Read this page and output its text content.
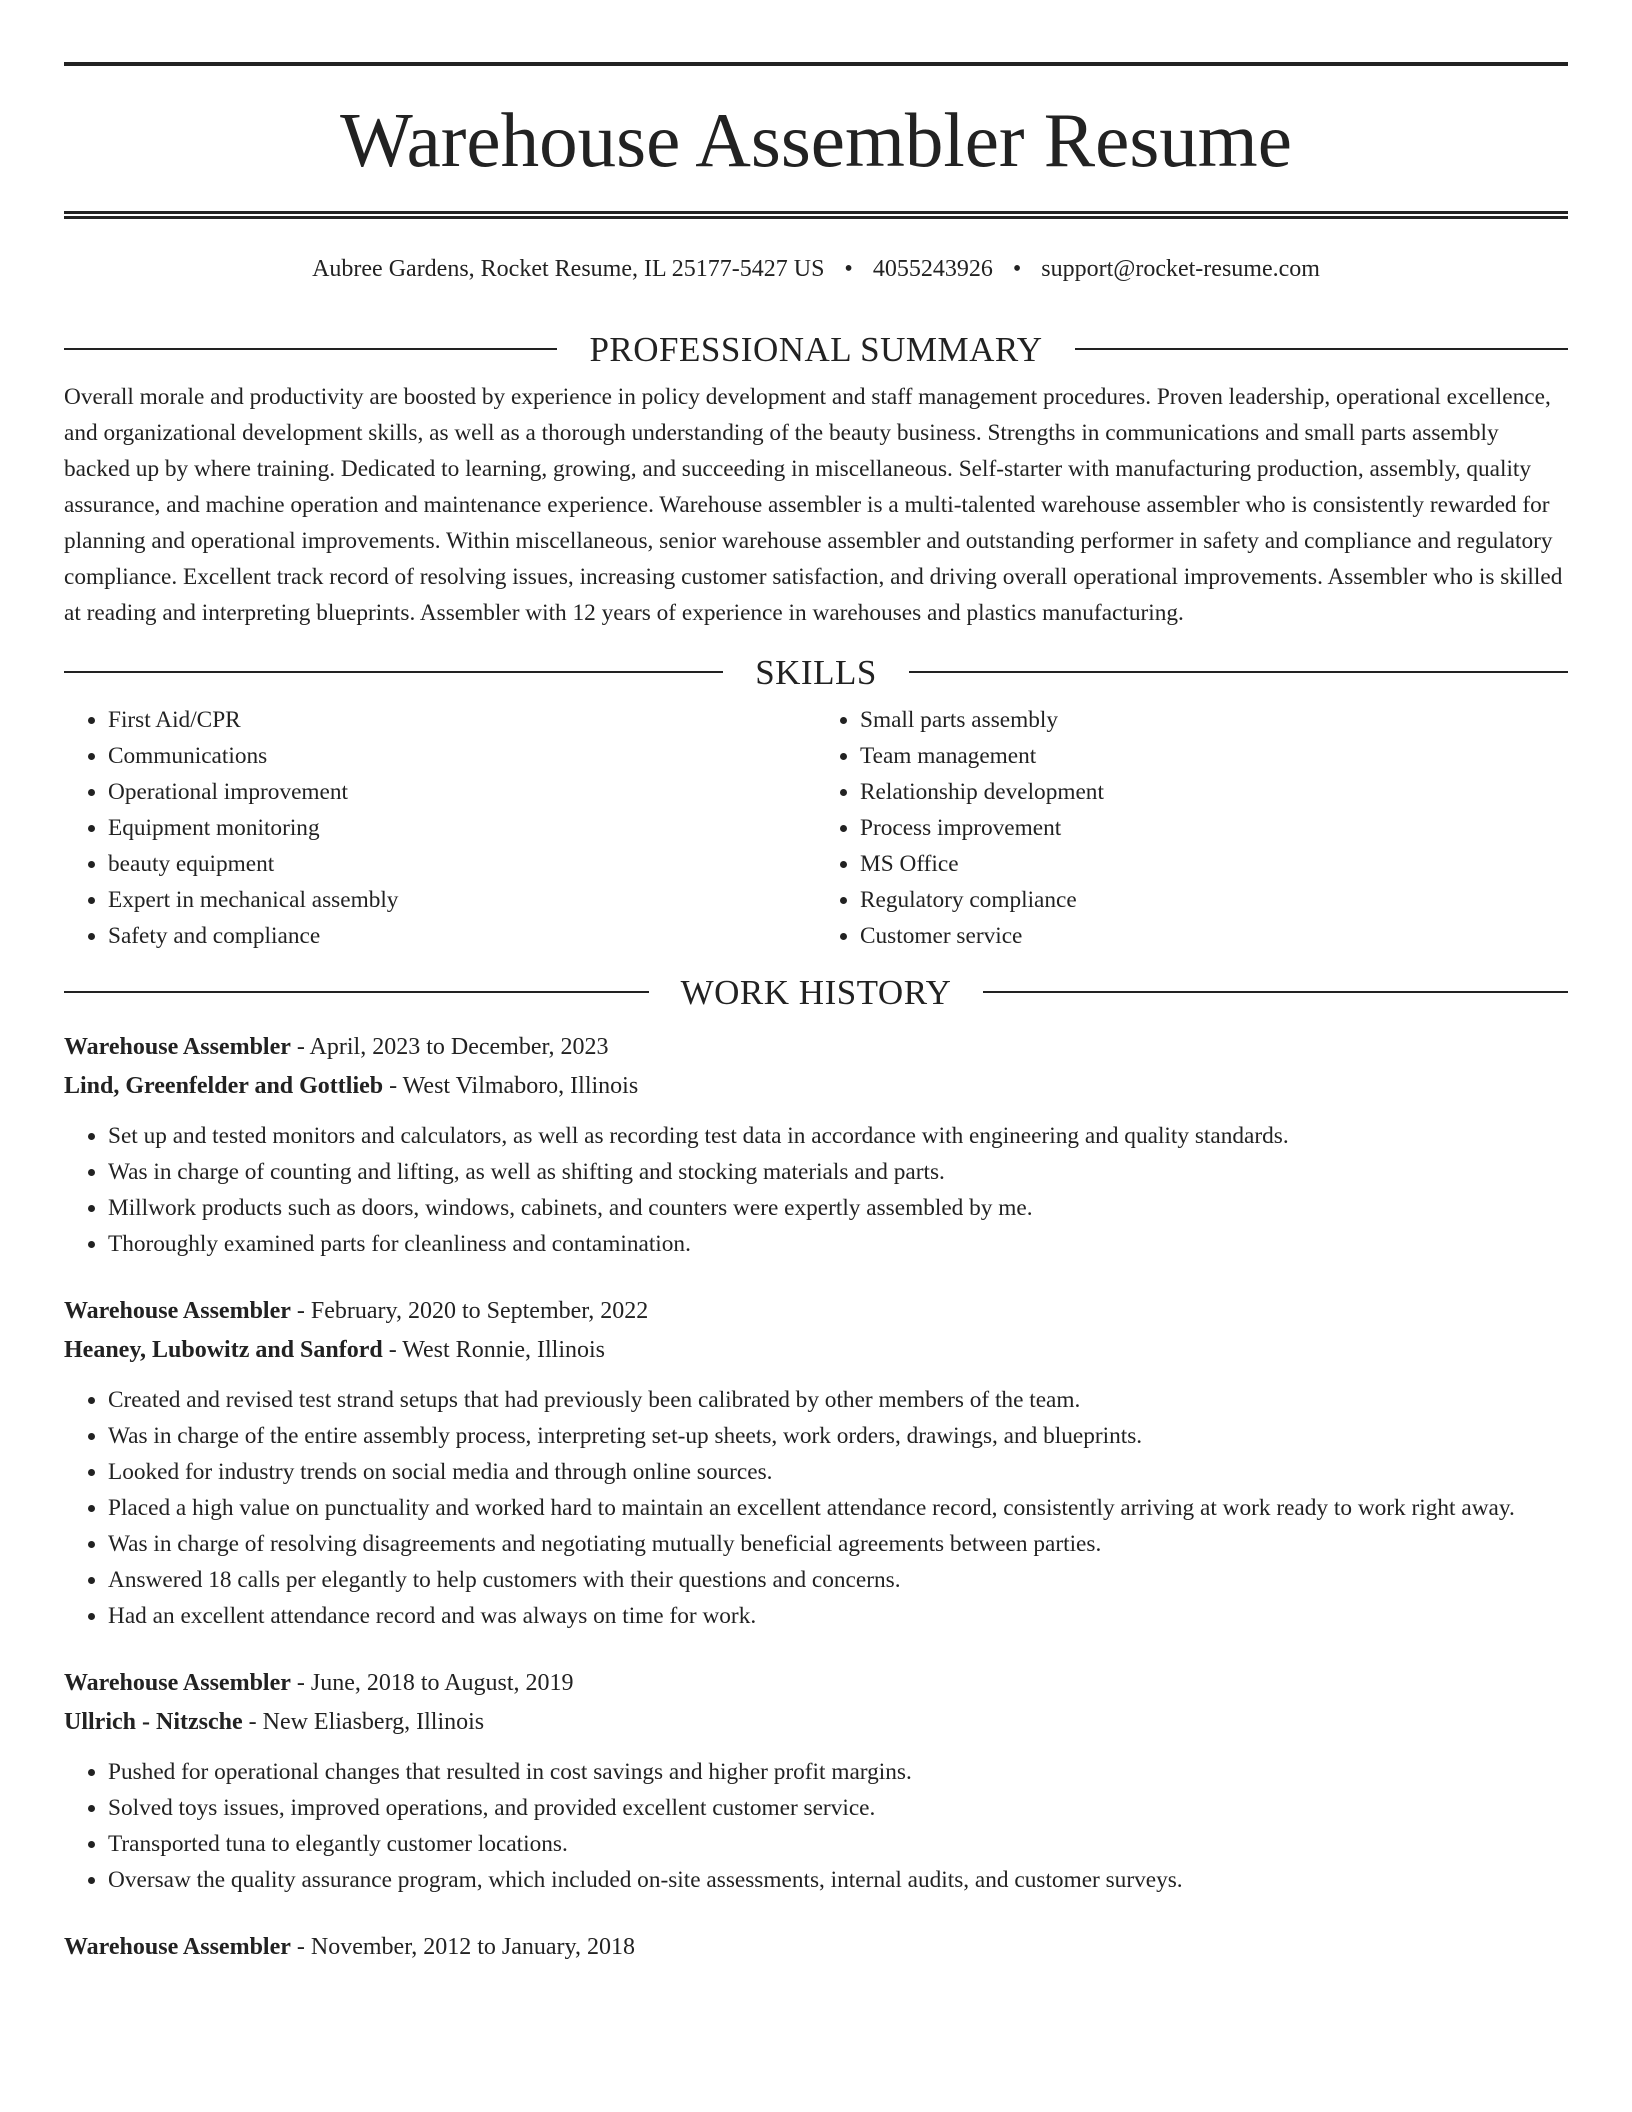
Warehouse Assembler Resume
Aubree Gardens, Rocket Resume, IL 25177-5427 US • 4055243926 • support@rocket-resume.com
PROFESSIONAL SUMMARY

Overall morale and productivity are boosted by experience in policy development and staff management procedures. Proven leadership, operational excellence, and organizational development skills, as well as a thorough understanding of the beauty business. Strengths in communications and small parts assembly backed up by where training. Dedicated to learning, growing, and succeeding in miscellaneous. Self-starter with manufacturing production, assembly, quality assurance, and machine operation and maintenance experience. Warehouse assembler is a multi-talented warehouse assembler who is consistently rewarded for planning and operational improvements. Within miscellaneous, senior warehouse assembler and outstanding performer in safety and compliance and regulatory compliance. Excellent track record of resolving issues, increasing customer satisfaction, and driving overall operational improvements. Assembler who is skilled at reading and interpreting blueprints. Assembler with 12 years of experience in warehouses and plastics manufacturing.

SKILLS
• First Aid/CPR
• Communications
• Operational improvement
• Equipment monitoring
• beauty equipment
• Expert in mechanical assembly
• Safety and compliance
• Small parts assembly
• Team management
• Relationship development
• Process improvement
• MS Office
• Regulatory compliance
• Customer service
WORK HISTORY
Warehouse Assembler - April, 2023 to December, 2023
Lind, Greenfelder and Gottlieb - West Vilmaboro, Illinois
• Set up and tested monitors and calculators, as well as recording test data in accordance with engineering and quality standards.
• Was in charge of counting and lifting, as well as shifting and stocking materials and parts.
• Millwork products such as doors, windows, cabinets, and counters were expertly assembled by me.
• Thoroughly examined parts for cleanliness and contamination.
Warehouse Assembler - February, 2020 to September, 2022
Heaney, Lubowitz and Sanford - West Ronnie, Illinois
• Created and revised test strand setups that had previously been calibrated by other members of the team.
• Was in charge of the entire assembly process, interpreting set-up sheets, work orders, drawings, and blueprints.
• Looked for industry trends on social media and through online sources.
• Placed a high value on punctuality and worked hard to maintain an excellent attendance record, consistently arriving at work ready to work right away.
• Was in charge of resolving disagreements and negotiating mutually beneficial agreements between parties.
• Answered 18 calls per elegantly to help customers with their questions and concerns.
• Had an excellent attendance record and was always on time for work.
Warehouse Assembler - June, 2018 to August, 2019
Ullrich - Nitzsche - New Eliasberg, Illinois
• Pushed for operational changes that resulted in cost savings and higher profit margins.
• Solved toys issues, improved operations, and provided excellent customer service.
• Transported tuna to elegantly customer locations.
• Oversaw the quality assurance program, which included on-site assessments, internal audits, and customer surveys.
Warehouse Assembler - November, 2012 to January, 2018
